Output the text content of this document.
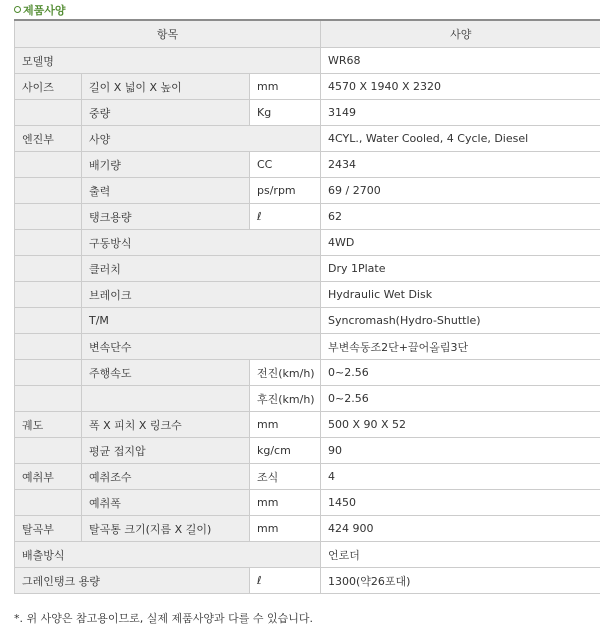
제품사양
항목			사양
모델명			WR68
사이즈	길이 X 넓이 X 높이	mm	4570 X 1940 X 2320
	중량	Kg	3149
엔진부	사양		4CYL., Water Cooled, 4 Cycle, Diesel
	배기량	CC	2434
	출력	ps/rpm	69 / 2700
	탱크용량	ℓ	62
	구동방식		4WD
	클러치		Dry 1Plate
	브레이크		Hydraulic Wet Disk
	T/M		Syncromash(Hydro-Shuttle)
	변속단수		부변속동조2단+끌어올림3단
	주행속도	전진(km/h)	0~2.56
		후진(km/h)	0~2.56
궤도	폭 X 피치 X 링크수	mm	500 X 90 X 52
	평균 접지압	kg/cm	90
예취부	예취조수	조식	4
	예취폭	mm	1450
탈곡부	탈곡통 크기(지름 X 길이)	mm	424 900
배출방식			언로더
그레인탱크 용량		ℓ	1300(약26포대)
*. 위 사양은 참고용이므로, 실제 제품사양과 다를 수 있습니다.
